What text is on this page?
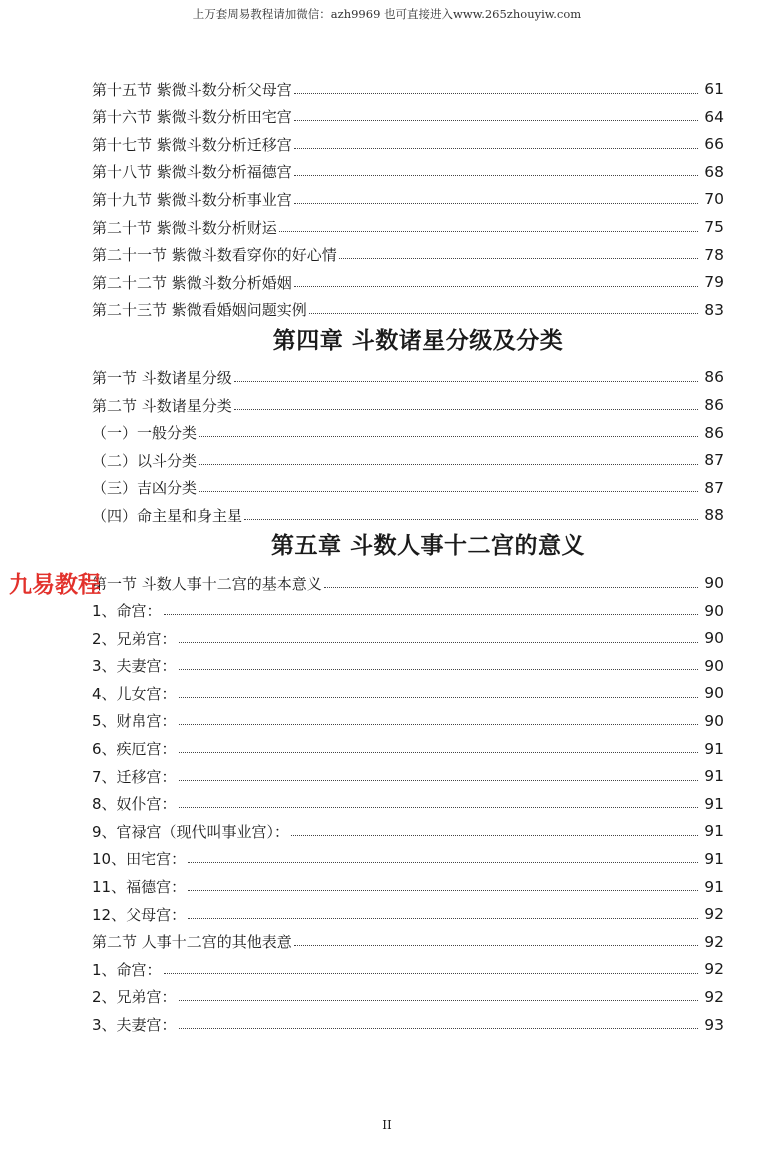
上万套周易教程请加微信：azh9969 也可直接进入www.265zhouyiw.com
第十五节 紫微斗数分析父母宫	61
第十六节 紫微斗数分析田宅宫	64
第十七节 紫微斗数分析迁移宫	66
第十八节 紫微斗数分析福德宫	68
第十九节 紫微斗数分析事业宫	70
第二十节 紫微斗数分析财运	75
第二十一节 紫微斗数看穿你的好心情	78
第二十二节 紫微斗数分析婚姻	79
第二十三节 紫微看婚姻问题实例	83
第四章 斗数诸星分级及分类
第一节 斗数诸星分级	86
第二节 斗数诸星分类	86
（一）一般分类	86
（二）以斗分类	87
（三）吉凶分类	87
（四）命主星和身主星	88
第五章 斗数人事十二宫的意义
第一节 斗数人事十二宫的基本意义	90
1、命宫：	90
2、兄弟宫：	90
3、夫妻宫：	90
4、儿女宫：	90
5、财帛宫：	90
6、疾厄宫：	91
7、迁移宫：	91
8、奴仆宫：	91
9、官禄宫（现代叫事业宫）：	91
10、田宅宫：	91
11、福德宫：	91
12、父母宫：	92
第二节 人事十二宫的其他表意	92
1、命宫：	92
2、兄弟宫：	92
3、夫妻宫：	93
九易教程
II
